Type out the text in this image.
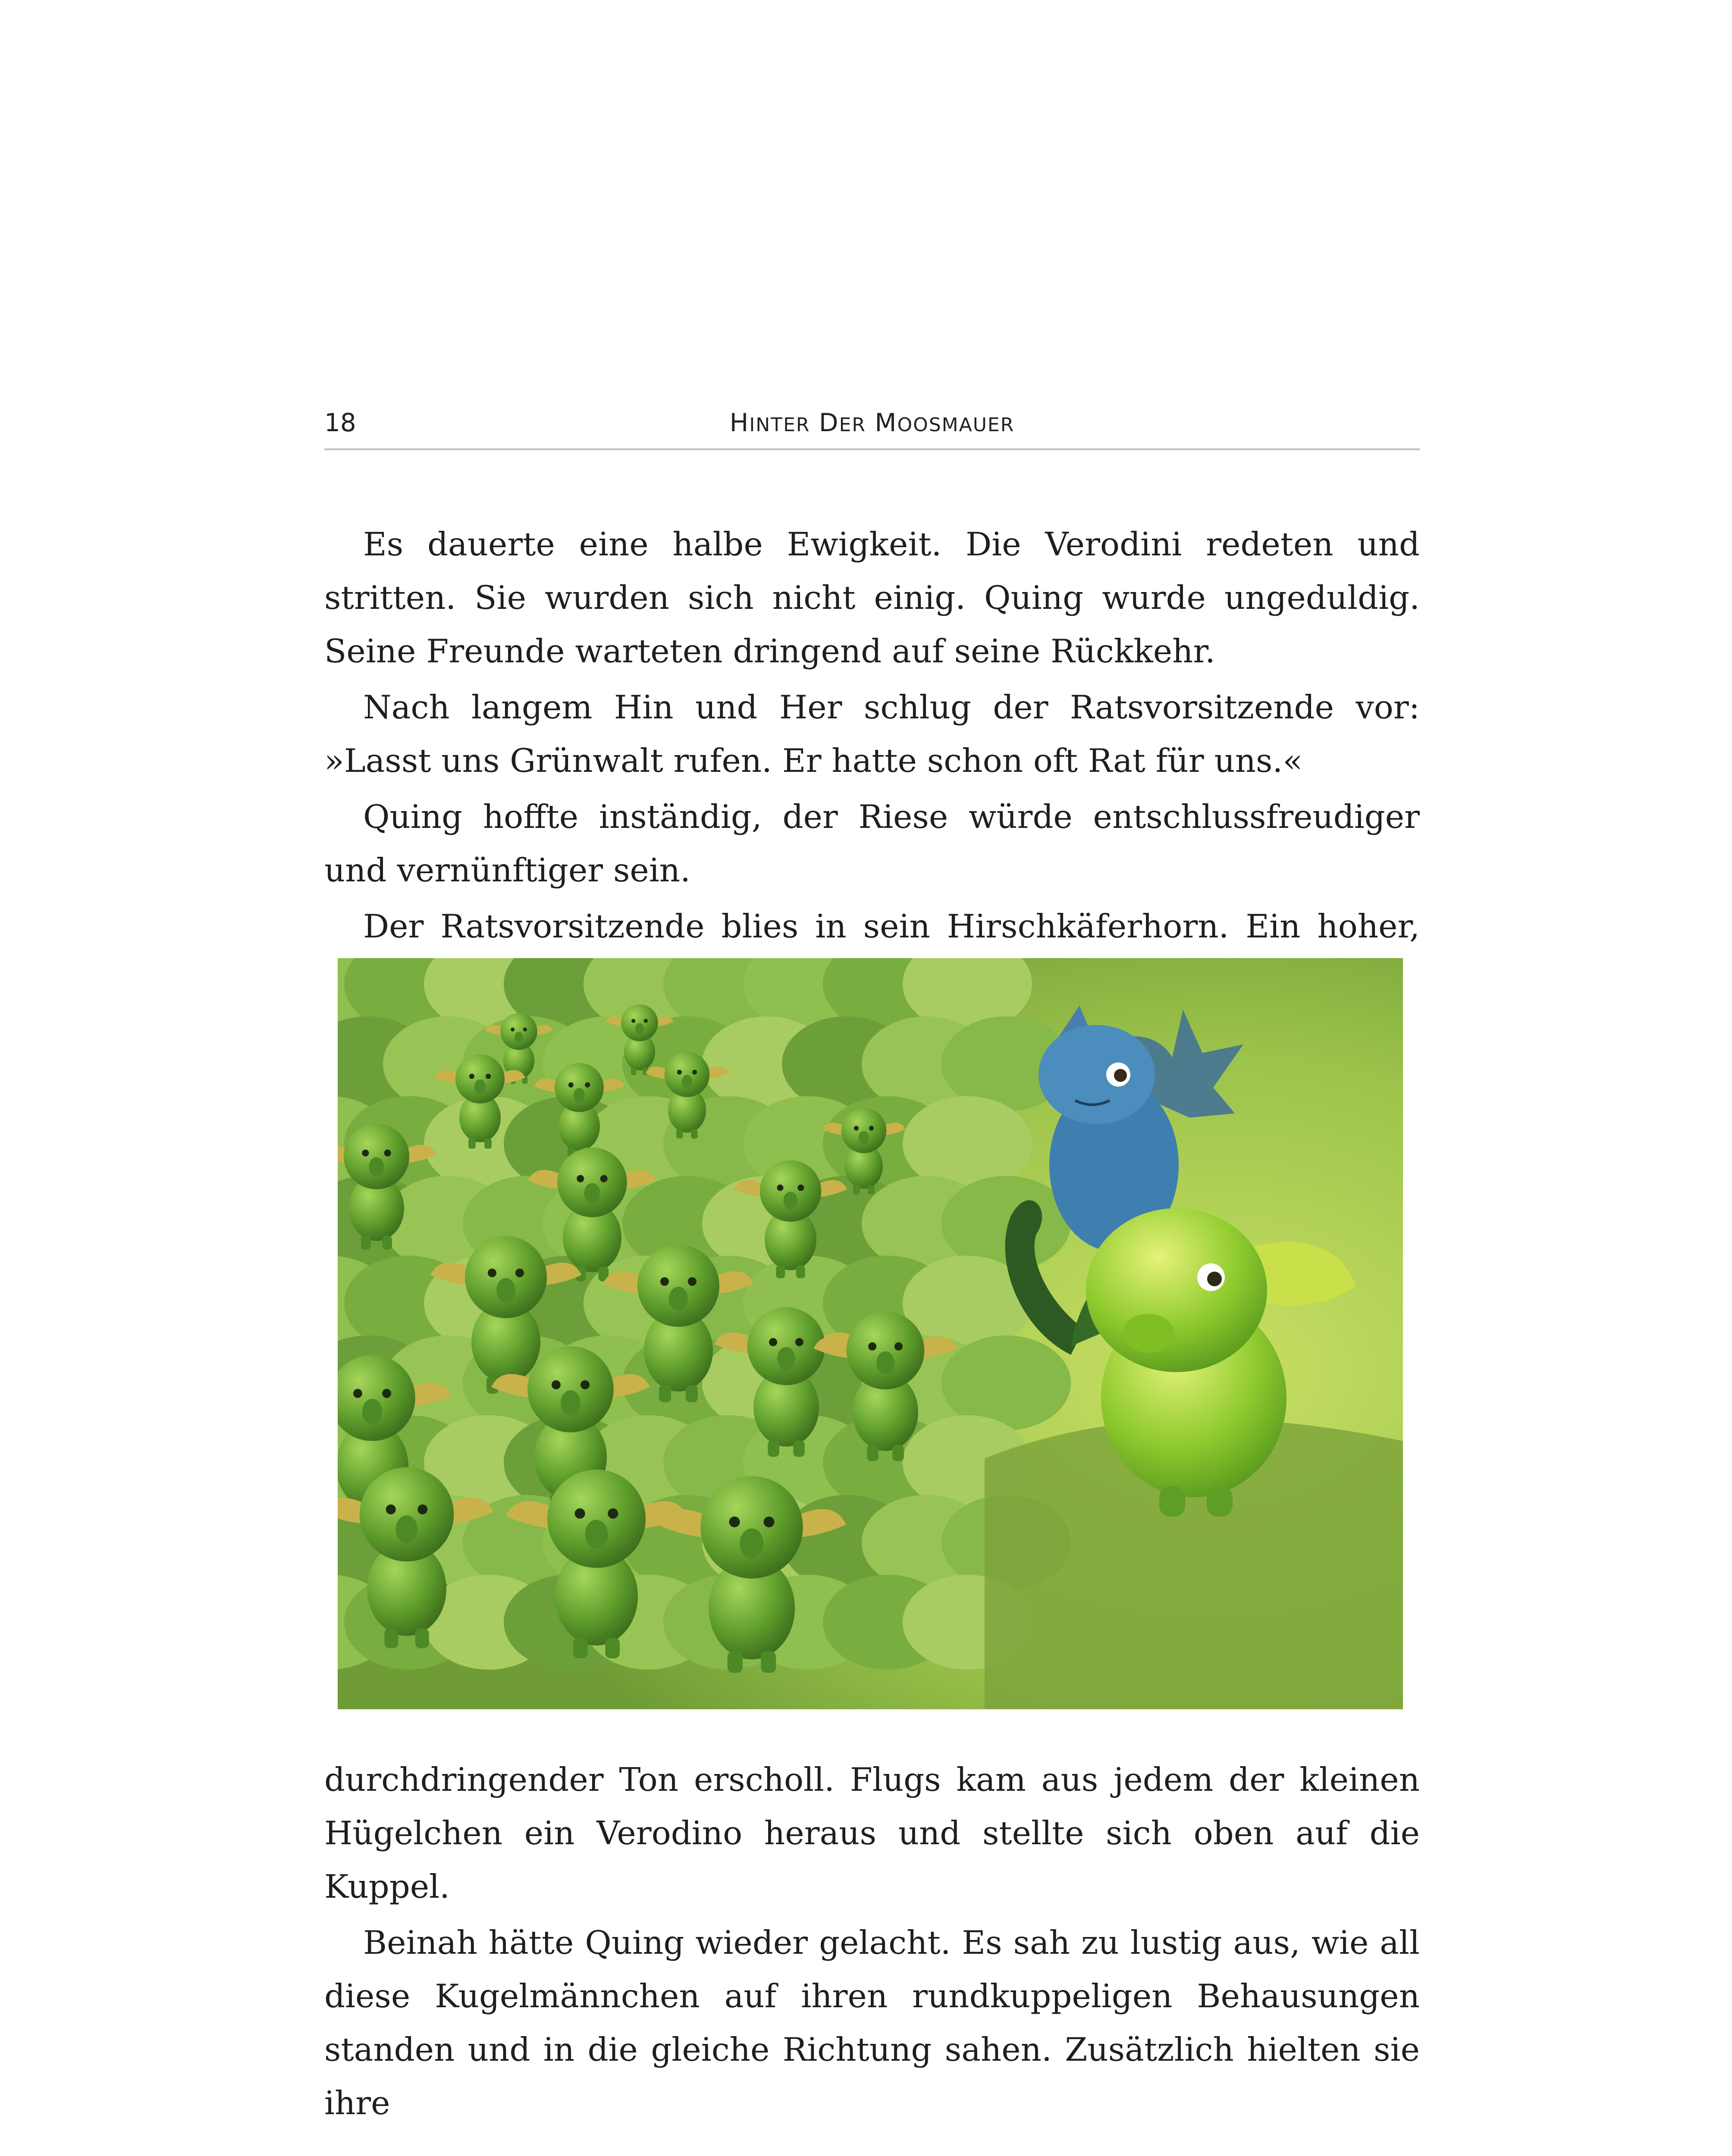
18	HINTER DER MOOSMAUER

Es dauerte eine halbe Ewigkeit. Die Verodini redeten und stritten. Sie wurden sich nicht einig. Quing wurde ungeduldig. Seine Freunde warteten dringend auf seine Rückkehr.

Nach langem Hin und Her schlug der Ratsvorsitzende vor: »Lasst uns Grünwalt rufen. Er hatte schon oft Rat für uns.«

Quing hoffte inständig, der Riese würde entschlussfreudiger und vernünftiger sein.

Der Ratsvorsitzende blies in sein Hirschkäferhorn. Ein hoher,

durchdringender Ton erscholl. Flugs kam aus jedem der kleinen Hügelchen ein Verodino heraus und stellte sich oben auf die Kuppel.

Beinah hätte Quing wieder gelacht. Es sah zu lustig aus, wie all diese Kugelmännchen auf ihren rundkuppeligen Behausungen standen und in die gleiche Richtung sahen. Zusätzlich hielten sie ihre
